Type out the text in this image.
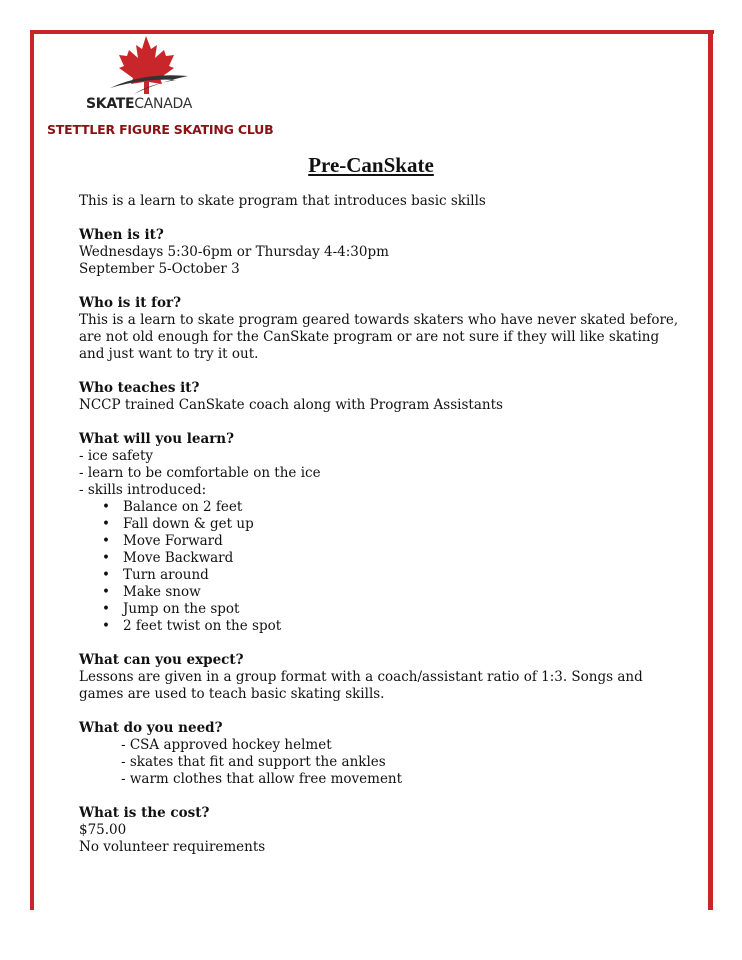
SKATECANADA
STETTLER FIGURE SKATING CLUB
Pre-CanSkate

This is a learn to skate program that introduces basic skills

When is it?

Wednesdays 5:30-6pm or Thursday 4-4:30pm

September 5-October 3

Who is it for?

This is a learn to skate program geared towards skaters who have never skated before,

are not old enough for the CanSkate program or are not sure if they will like skating

and just want to try it out.

Who teaches it?

NCCP trained CanSkate coach along with Program Assistants

What will you learn?

- ice safety

- learn to be comfortable on the ice

- skills introduced:

• Balance on 2 feet
• Fall down & get up
• Move Forward
• Move Backward
• Turn around
• Make snow
• Jump on the spot
• 2 feet twist on the spot

What can you expect?

Lessons are given in a group format with a coach/assistant ratio of 1:3. Songs and

games are used to teach basic skating skills.

What do you need?

- CSA approved hockey helmet

- skates that fit and support the ankles

- warm clothes that allow free movement

What is the cost?

$75.00

No volunteer requirements
